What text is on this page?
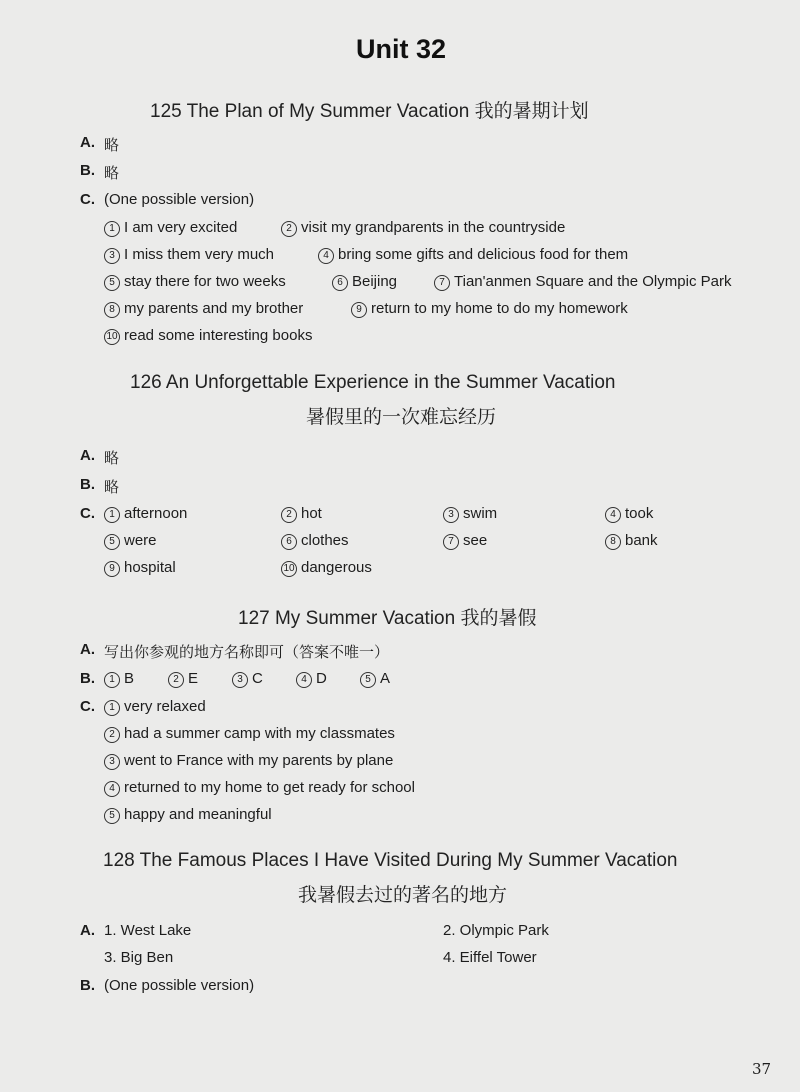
Unit 32
125 The Plan of My Summer Vacation 我的暑期计划
A. 略
B. 略
C. (One possible version)
1 I am very excited	2 visit my grandparents in the countryside
3 I miss them very much	4 bring some gifts and delicious food for them
5 stay there for two weeks	6 Beijing	7 Tian'anmen Square and the Olympic Park
8 my parents and my brother	9 return to my home to do my homework
10 read some interesting books
126 An Unforgettable Experience in the Summer Vacation
暑假里的一次难忘经历
A. 略
B. 略
C.	1 afternoon	2 hot	3 swim	4 took
5 were	6 clothes	7 see	8 bank
9 hospital	10 dangerous
127 My Summer Vacation 我的暑假
A. 写出你参观的地方名称即可（答案不唯一）
B.	1 B	2 E	3 C	4 D	5 A
C.	1 very relaxed
2 had a summer camp with my classmates
3 went to France with my parents by plane
4 returned to my home to get ready for school
5 happy and meaningful
128 The Famous Places I Have Visited During My Summer Vacation
我暑假去过的著名的地方
A. 1. West Lake	2. Olympic Park
3. Big Ben	4. Eiffel Tower
B. (One possible version)
37
